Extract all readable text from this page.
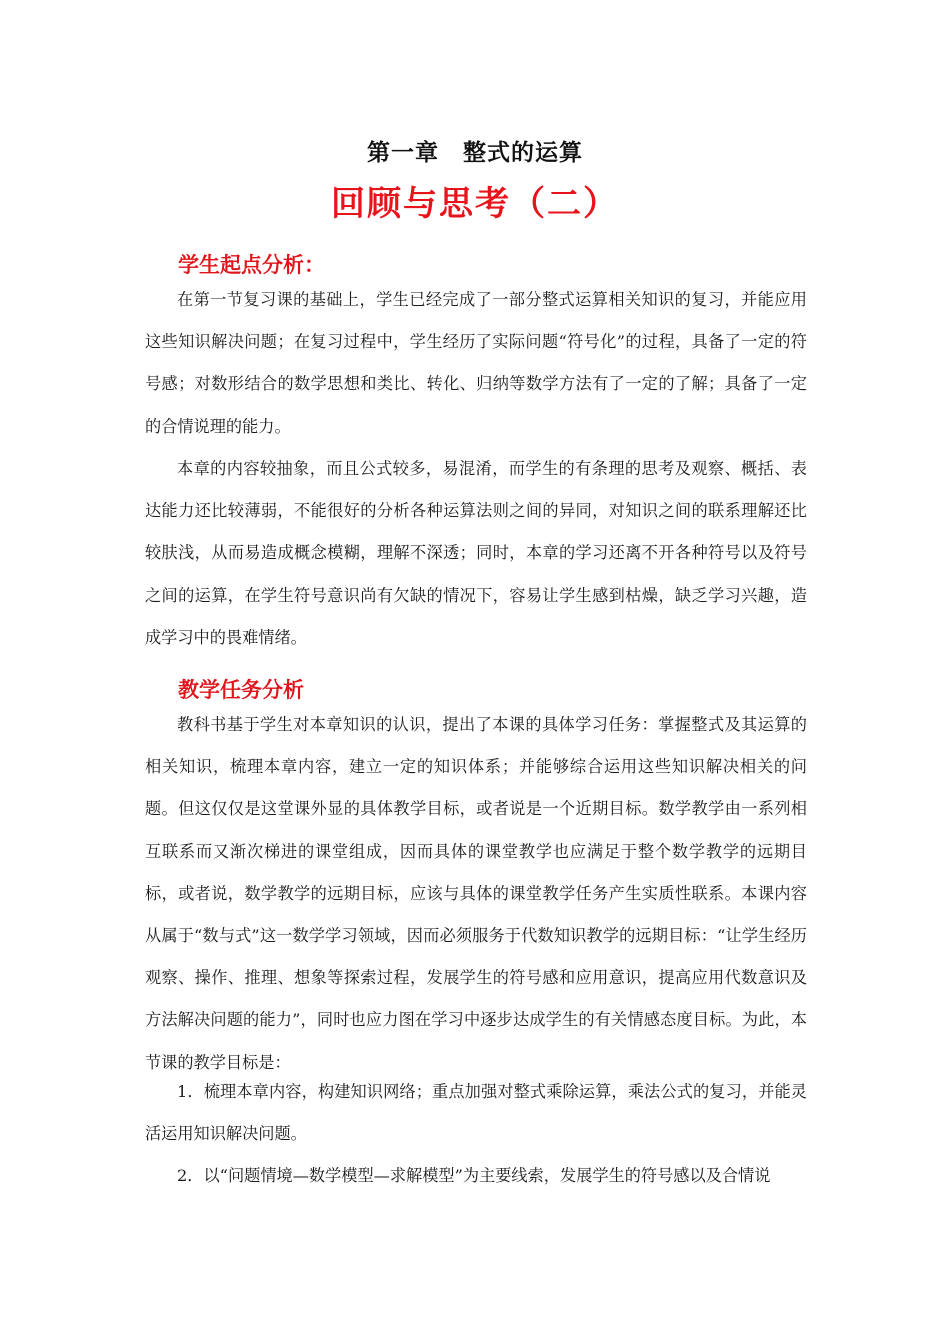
第一章　整式的运算
回顾与思考（二）
学生起点分析：

在第一节复习课的基础上，学生已经完成了一部分整式运算相关知识的复习，并能应用这些知识解决问题；在复习过程中，学生经历了实际问题“符号化”的过程，具备了一定的符号感；对数形结合的数学思想和类比、转化、归纳等数学方法有了一定的了解；具备了一定的合情说理的能力。

本章的内容较抽象，而且公式较多，易混淆，而学生的有条理的思考及观察、概括、表达能力还比较薄弱，不能很好的分析各种运算法则之间的异同，对知识之间的联系理解还比较肤浅，从而易造成概念模糊，理解不深透；同时，本章的学习还离不开各种符号以及符号之间的运算，在学生符号意识尚有欠缺的情况下，容易让学生感到枯燥，缺乏学习兴趣，造成学习中的畏难情绪。

教学任务分析

教科书基于学生对本章知识的认识，提出了本课的具体学习任务：掌握整式及其运算的相关知识，梳理本章内容，建立一定的知识体系；并能够综合运用这些知识解决相关的问题。但这仅仅是这堂课外显的具体教学目标，或者说是一个近期目标。数学教学由一系列相互联系而又渐次梯进的课堂组成，因而具体的课堂教学也应满足于整个数学教学的远期目标，或者说，数学教学的远期目标，应该与具体的课堂教学任务产生实质性联系。本课内容从属于“数与式”这一数学学习领域，因而必须服务于代数知识教学的远期目标：“让学生经历观察、操作、推理、想象等探索过程，发展学生的符号感和应用意识，提高应用代数意识及方法解决问题的能力”，同时也应力图在学习中逐步达成学生的有关情感态度目标。为此，本节课的教学目标是：

1．梳理本章内容，构建知识网络；重点加强对整式乘除运算，乘法公式的复习，并能灵活运用知识解决问题。

2．以“问题情境—数学模型—求解模型”为主要线索，发展学生的符号感以及合情说
